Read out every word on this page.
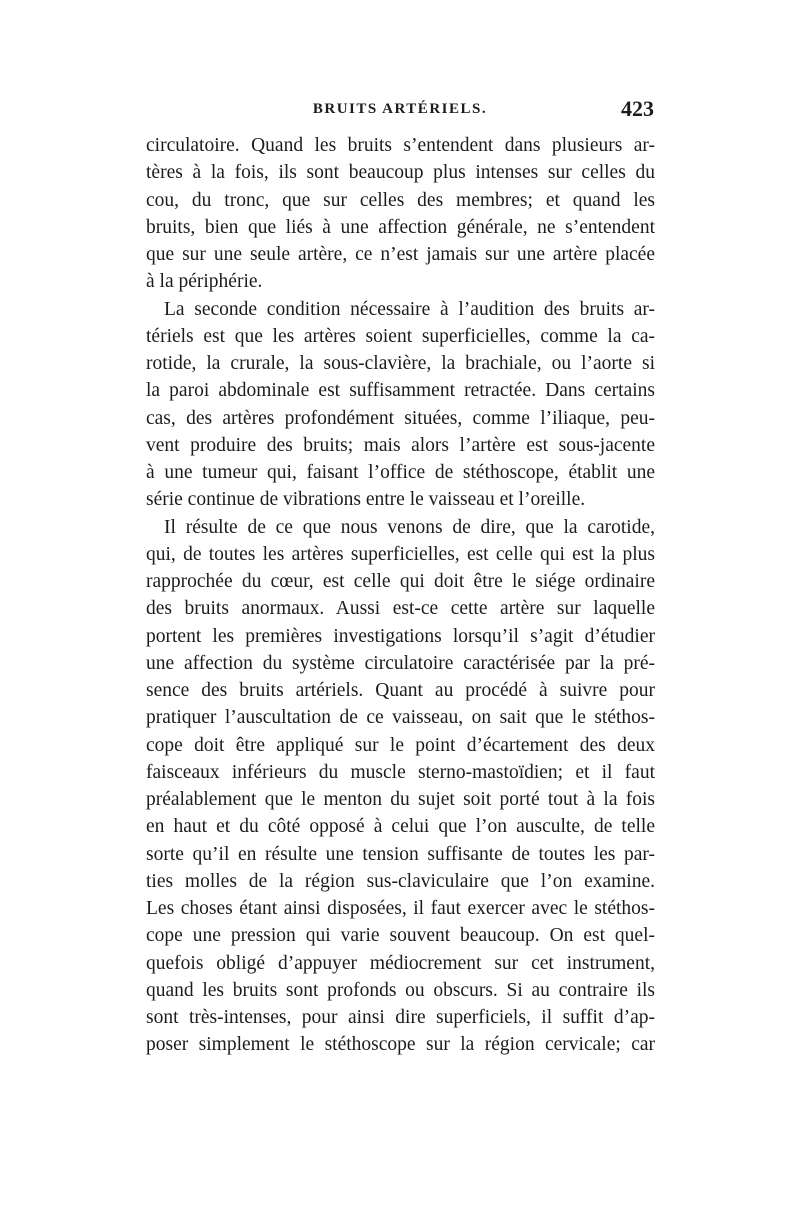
BRUITS ARTÉRIELS.	423
circulatoire. Quand les bruits s’entendent dans plusieurs ar-
tères à la fois, ils sont beaucoup plus intenses sur celles du
cou, du tronc, que sur celles des membres; et quand les
bruits, bien que liés à une affection générale, ne s’entendent
que sur une seule artère, ce n’est jamais sur une artère placée
à la périphérie.
La seconde condition nécessaire à l’audition des bruits ar-
tériels est que les artères soient superficielles, comme la ca-
rotide, la crurale, la sous-clavière, la brachiale, ou l’aorte si
la paroi abdominale est suffisamment retractée. Dans certains
cas, des artères profondément situées, comme l’iliaque, peu-
vent produire des bruits; mais alors l’artère est sous-jacente
à une tumeur qui, faisant l’office de stéthoscope, établit une
série continue de vibrations entre le vaisseau et l’oreille.
Il résulte de ce que nous venons de dire, que la carotide,
qui, de toutes les artères superficielles, est celle qui est la plus
rapprochée du cœur, est celle qui doit être le siége ordinaire
des bruits anormaux. Aussi est-ce cette artère sur laquelle
portent les premières investigations lorsqu’il s’agit d’étudier
une affection du système circulatoire caractérisée par la pré-
sence des bruits artériels. Quant au procédé à suivre pour
pratiquer l’auscultation de ce vaisseau, on sait que le stéthos-
cope doit être appliqué sur le point d’écartement des deux
faisceaux inférieurs du muscle sterno-mastoïdien; et il faut
préalablement que le menton du sujet soit porté tout à la fois
en haut et du côté opposé à celui que l’on ausculte, de telle
sorte qu’il en résulte une tension suffisante de toutes les par-
ties molles de la région sus-claviculaire que l’on examine.
Les choses étant ainsi disposées, il faut exercer avec le stéthos-
cope une pression qui varie souvent beaucoup. On est quel-
quefois obligé d’appuyer médiocrement sur cet instrument,
quand les bruits sont profonds ou obscurs. Si au contraire ils
sont très-intenses, pour ainsi dire superficiels, il suffit d’ap-
poser simplement le stéthoscope sur la région cervicale; car
